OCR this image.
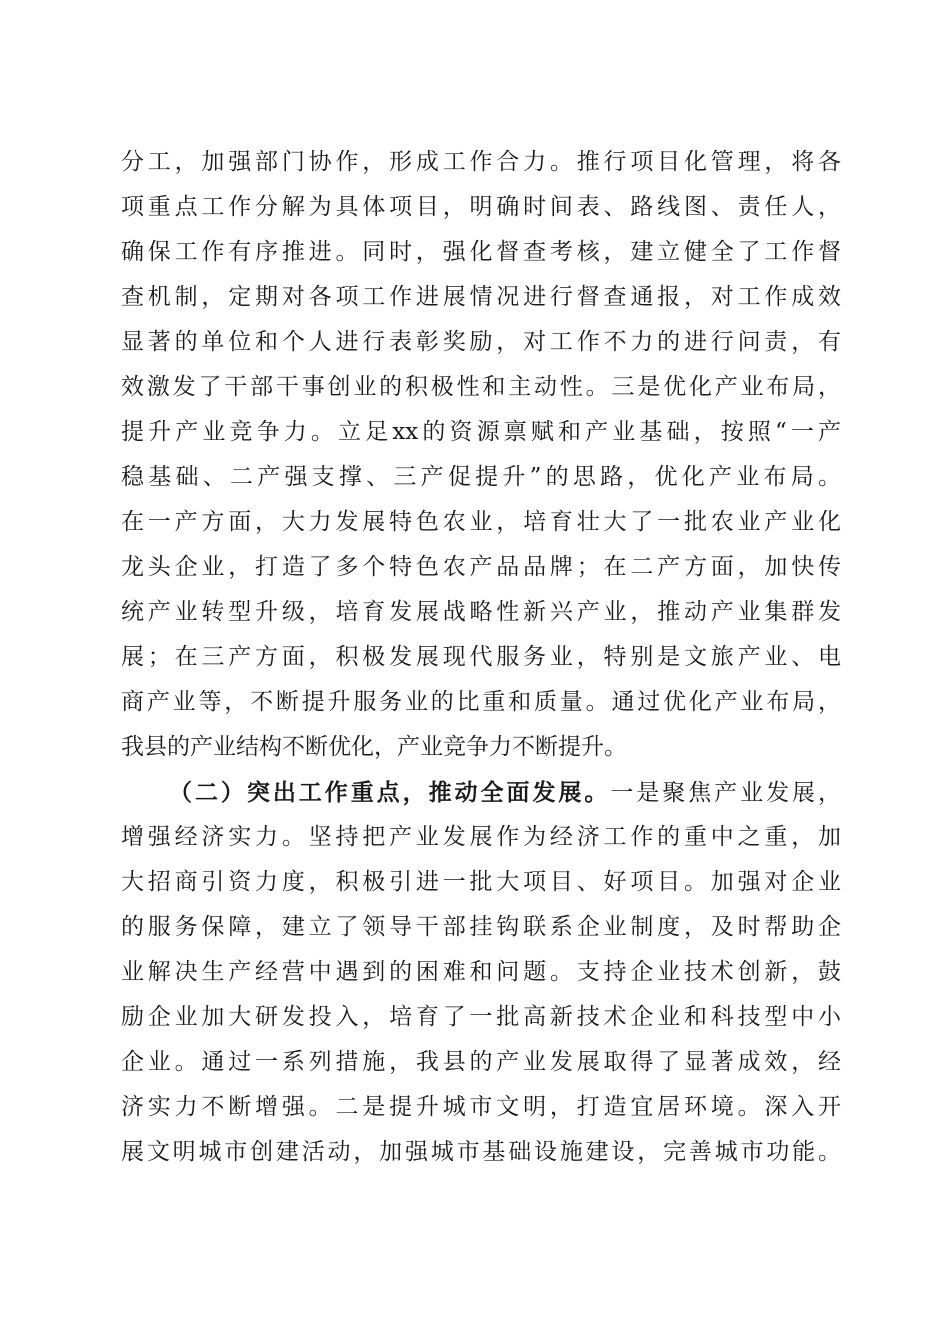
分工，加强部门协作，形成工作合力。推行项目化管理，将各
项重点工作分解为具体项目，明确时间表、路线图、责任人，
确保工作有序推进。同时，强化督查考核，建立健全了工作督
查机制，定期对各项工作进展情况进行督查通报，对工作成效
显著的单位和个人进行表彰奖励，对工作不力的进行问责，有
效激发了干部干事创业的积极性和主动性。三是优化产业布局，
提升产业竞争力。立足xx的资源禀赋和产业基础，按照“一产
稳基础、二产强支撑、三产促提升”的思路，优化产业布局。
在一产方面，大力发展特色农业，培育壮大了一批农业产业化
龙头企业，打造了多个特色农产品品牌；在二产方面，加快传
统产业转型升级，培育发展战略性新兴产业，推动产业集群发
展；在三产方面，积极发展现代服务业，特别是文旅产业、电
商产业等，不断提升服务业的比重和质量。通过优化产业布局，
我县的产业结构不断优化，产业竞争力不断提升。
（二）突出工作重点，推动全面发展。一是聚焦产业发展，
增强经济实力。坚持把产业发展作为经济工作的重中之重，加
大招商引资力度，积极引进一批大项目、好项目。加强对企业
的服务保障，建立了领导干部挂钩联系企业制度，及时帮助企
业解决生产经营中遇到的困难和问题。支持企业技术创新，鼓
励企业加大研发投入，培育了一批高新技术企业和科技型中小
企业。通过一系列措施，我县的产业发展取得了显著成效，经
济实力不断增强。二是提升城市文明，打造宜居环境。深入开
展文明城市创建活动，加强城市基础设施建设，完善城市功能。
